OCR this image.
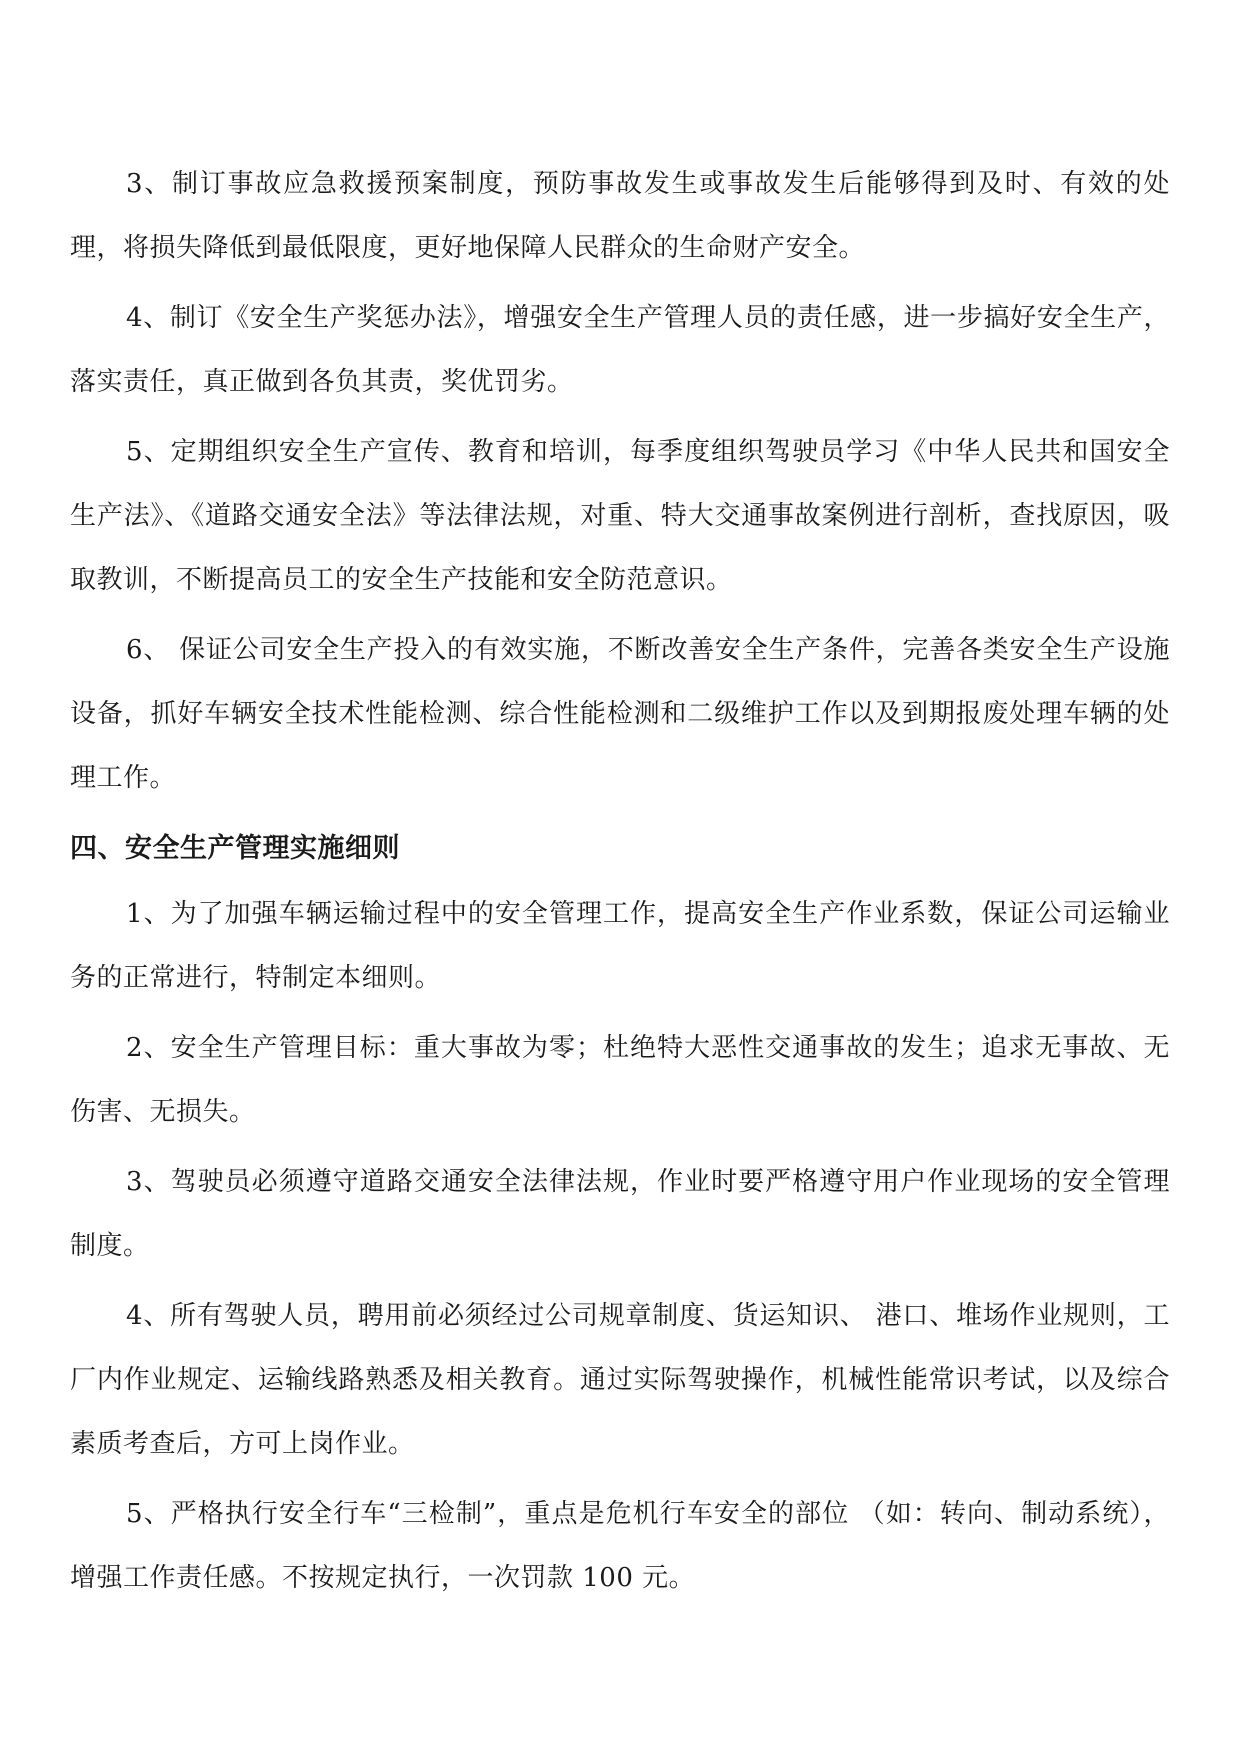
3、制订事故应急救援预案制度，预防事故发生或事故发生后能够得到及时、有效的处理，将损失降低到最低限度，更好地保障人民群众的生命财产安全。

4、制订《安全生产奖惩办法》，增强安全生产管理人员的责任感，进一步搞好安全生产，落实责任，真正做到各负其责，奖优罚劣。

5、定期组织安全生产宣传、教育和培训，每季度组织驾驶员学习《中华人民共和国安全生产法》、《道路交通安全法》等法律法规，对重、特大交通事故案例进行剖析，查找原因，吸取教训，不断提高员工的安全生产技能和安全防范意识。

6、 保证公司安全生产投入的有效实施，不断改善安全生产条件，完善各类安全生产设施设备，抓好车辆安全技术性能检测、综合性能检测和二级维护工作以及到期报废处理车辆的处理工作。

四、安全生产管理实施细则

1、为了加强车辆运输过程中的安全管理工作，提高安全生产作业系数，保证公司运输业务的正常进行，特制定本细则。

2、安全生产管理目标：重大事故为零；杜绝特大恶性交通事故的发生；追求无事故、无伤害、无损失。

3、驾驶员必须遵守道路交通安全法律法规，作业时要严格遵守用户作业现场的安全管理制度。

4、所有驾驶人员，聘用前必须经过公司规章制度、货运知识、 港口、堆场作业规则，工厂内作业规定、运输线路熟悉及相关教育。通过实际驾驶操作，机械性能常识考试，以及综合素质考查后，方可上岗作业。

5、严格执行安全行车“三检制”，重点是危机行车安全的部位 （如：转向、制动系统），增强工作责任感。不按规定执行，一次罚款 100 元。
